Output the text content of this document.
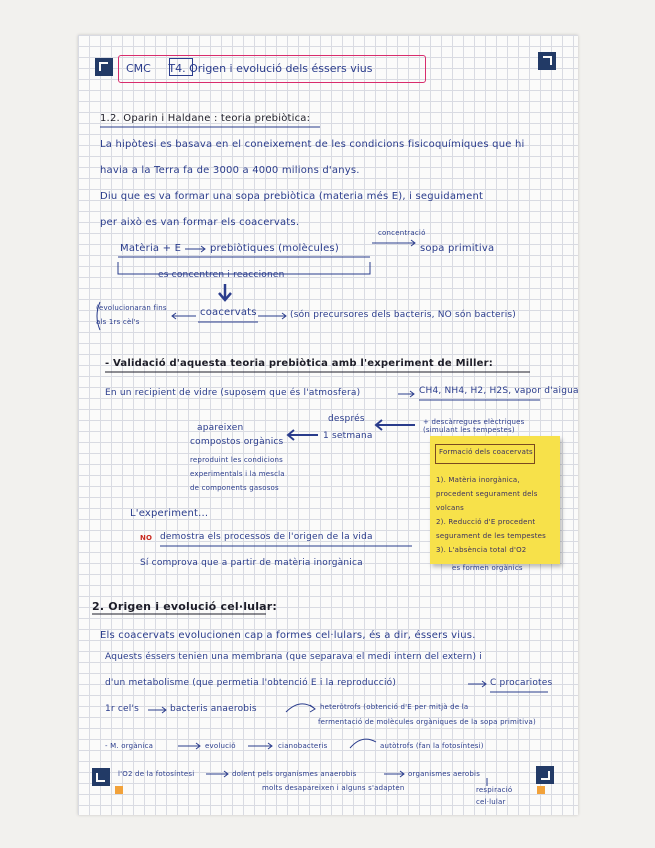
CMC T4. Origen i evolució dels éssers vius
1.2. Oparin i Haldane : teoria prebiòtica:
La hipòtesi es basava en el coneixement de les condicions fisicoquímiques que hi
havia a la Terra fa de 3000 a 4000 milions d'anys.
Diu que es va formar una sopa prebiòtica (materia més E), i seguidament
per això es van formar els coacervats.
Matèria + E	prebiòtiques (molècules)
concentració
sopa primitiva
es concentren i reaccionen
(evolucionaran fins
als 1rs cèl's
coacervats	(són precursores dels bacteris, NO són bacteris)
- Validació d'aquesta teoria prebiòtica amb l'experiment de Miller:
En un recipient de vidre (suposem que és l'atmosfera)	CH4, NH4, H2, H2S, vapor d'aigua
+ descàrregues elèctriques (simulant les tempestes)
després
1 setmana
apareixen
compostos orgànics
reproduint les condicions
experimentals i la mescla
de components gasosos
L'experiment...
NO demostra els processos de l'origen de la vida
Sí comprova que a partir de matèria inorgànica
Formació dels coacervats
1). Matèria inorgànica,
procedent segurament dels
volcans
2). Reducció d'E procedent
segurament de les tempestes
3). L'absència total d'O2
es formen orgànics
2. Origen i evolució cel·lular:
Els coacervats evolucionen cap a formes cel·lulars, és a dir, éssers vius.
Aquests éssers tenien una membrana (que separava el medi intern del extern) i
d'un metabolisme (que permetia l'obtenció E i la reproducció)	C procariotes
1r cel's	bacteris anaerobis	heteròtrofs (obtenció d'E per mitjà de la
fermentació de molècules orgàniques de la sopa primitiva)
- M. orgànica	evolució	cianobacteris	autòtrofs (fan la fotosíntesi)
l'O2 de la fotosíntesi	dolent pels organismes anaerobis	organismes aerobis
molts desapareixen i alguns s'adapten	respiració
cel·lular
